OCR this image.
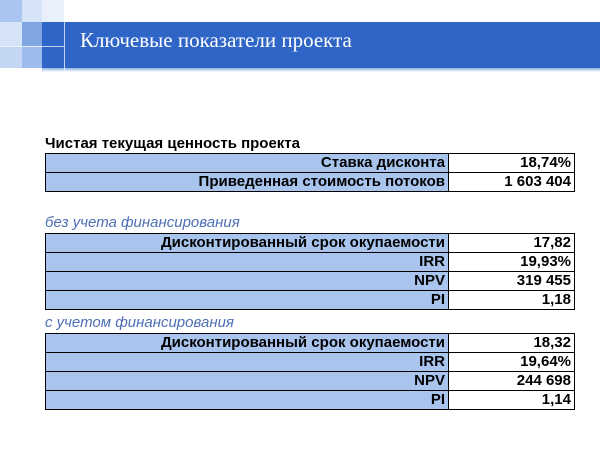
Ключевые показатели проекта
Чистая текущая ценность проекта
Ставка дисконта	18,74%
Приведенная стоимость потоков	1 603 404
без учета финансирования
Дисконтированный срок окупаемости	17,82
IRR	19,93%
NPV	319 455
PI	1,18
с учетом финансирования
Дисконтированный срок окупаемости	18,32
IRR	19,64%
NPV	244 698
PI	1,14
